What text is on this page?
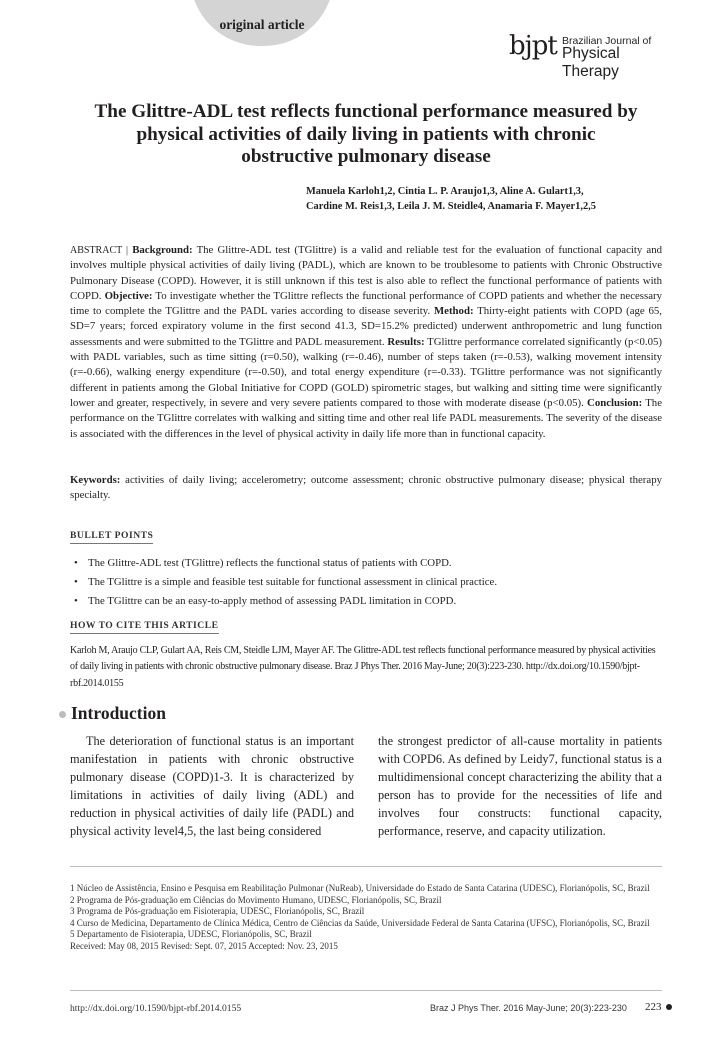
original article
bjpt Brazilian Journal of
Physical Therapy
The Glittre-ADL test reflects functional performance measured by physical activities of daily living in patients with chronic obstructive pulmonary disease
Manuela Karloh1,2, Cintia L. P. Araujo1,3, Aline A. Gulart1,3,
Cardine M. Reis1,3, Leila J. M. Steidle4, Anamaria F. Mayer1,2,5
ABSTRACT | Background: The Glittre-ADL test (TGlittre) is a valid and reliable test for the evaluation of functional capacity and involves multiple physical activities of daily living (PADL), which are known to be troublesome to patients with Chronic Obstructive Pulmonary Disease (COPD). However, it is still unknown if this test is also able to reflect the functional performance of patients with COPD. Objective: To investigate whether the TGlittre reflects the functional performance of COPD patients and whether the necessary time to complete the TGlittre and the PADL varies according to disease severity. Method: Thirty-eight patients with COPD (age 65, SD=7 years; forced expiratory volume in the first second 41.3, SD=15.2% predicted) underwent anthropometric and lung function assessments and were submitted to the TGlittre and PADL measurement. Results: TGlittre performance correlated significantly (p<0.05) with PADL variables, such as time sitting (r=0.50), walking (r=-0.46), number of steps taken (r=-0.53), walking movement intensity (r=-0.66), walking energy expenditure (r=-0.50), and total energy expenditure (r=-0.33). TGlittre performance was not significantly different in patients among the Global Initiative for COPD (GOLD) spirometric stages, but walking and sitting time were significantly lower and greater, respectively, in severe and very severe patients compared to those with moderate disease (p<0.05). Conclusion: The performance on the TGlittre correlates with walking and sitting time and other real life PADL measurements. The severity of the disease is associated with the differences in the level of physical activity in daily life more than in functional capacity.
Keywords: activities of daily living; accelerometry; outcome assessment; chronic obstructive pulmonary disease; physical therapy specialty.
BULLET POINTS
• The Glittre-ADL test (TGlittre) reflects the functional status of patients with COPD.
• The TGlittre is a simple and feasible test suitable for functional assessment in clinical practice.
• The TGlittre can be an easy-to-apply method of assessing PADL limitation in COPD.
HOW TO CITE THIS ARTICLE
Karloh M, Araujo CLP, Gulart AA, Reis CM, Steidle LJM, Mayer AF. The Glittre-ADL test reflects functional performance measured by physical activities of daily living in patients with chronic obstructive pulmonary disease. Braz J Phys Ther. 2016 May-June; 20(3):223-230. http://dx.doi.org/10.1590/bjpt-rbf.2014.0155
Introduction
The deterioration of functional status is an important manifestation in patients with chronic obstructive pulmonary disease (COPD)1-3. It is characterized by limitations in activities of daily living (ADL) and reduction in physical activities of daily life (PADL) and physical activity level4,5, the last being considered
the strongest predictor of all-cause mortality in patients with COPD6. As defined by Leidy7, functional status is a multidimensional concept characterizing the ability that a person has to provide for the necessities of life and involves four constructs: functional capacity, performance, reserve, and capacity utilization.
1 Núcleo de Assistência, Ensino e Pesquisa em Reabilitação Pulmonar (NuReab), Universidade do Estado de Santa Catarina (UDESC), Florianópolis, SC, Brazil
2 Programa de Pós-graduação em Ciências do Movimento Humano, UDESC, Florianópolis, SC, Brazil
3 Programa de Pós-graduação em Fisioterapia, UDESC, Florianópolis, SC, Brazil
4 Curso de Medicina, Departamento de Clínica Médica, Centro de Ciências da Saúde, Universidade Federal de Santa Catarina (UFSC), Florianópolis, SC, Brazil
5 Departamento de Fisioterapia, UDESC, Florianópolis, SC, Brazil
Received: May 08, 2015 Revised: Sept. 07, 2015 Accepted: Nov. 23, 2015
http://dx.doi.org/10.1590/bjpt-rbf.2014.0155	Braz J Phys Ther. 2016 May-June; 20(3):223-230 223
